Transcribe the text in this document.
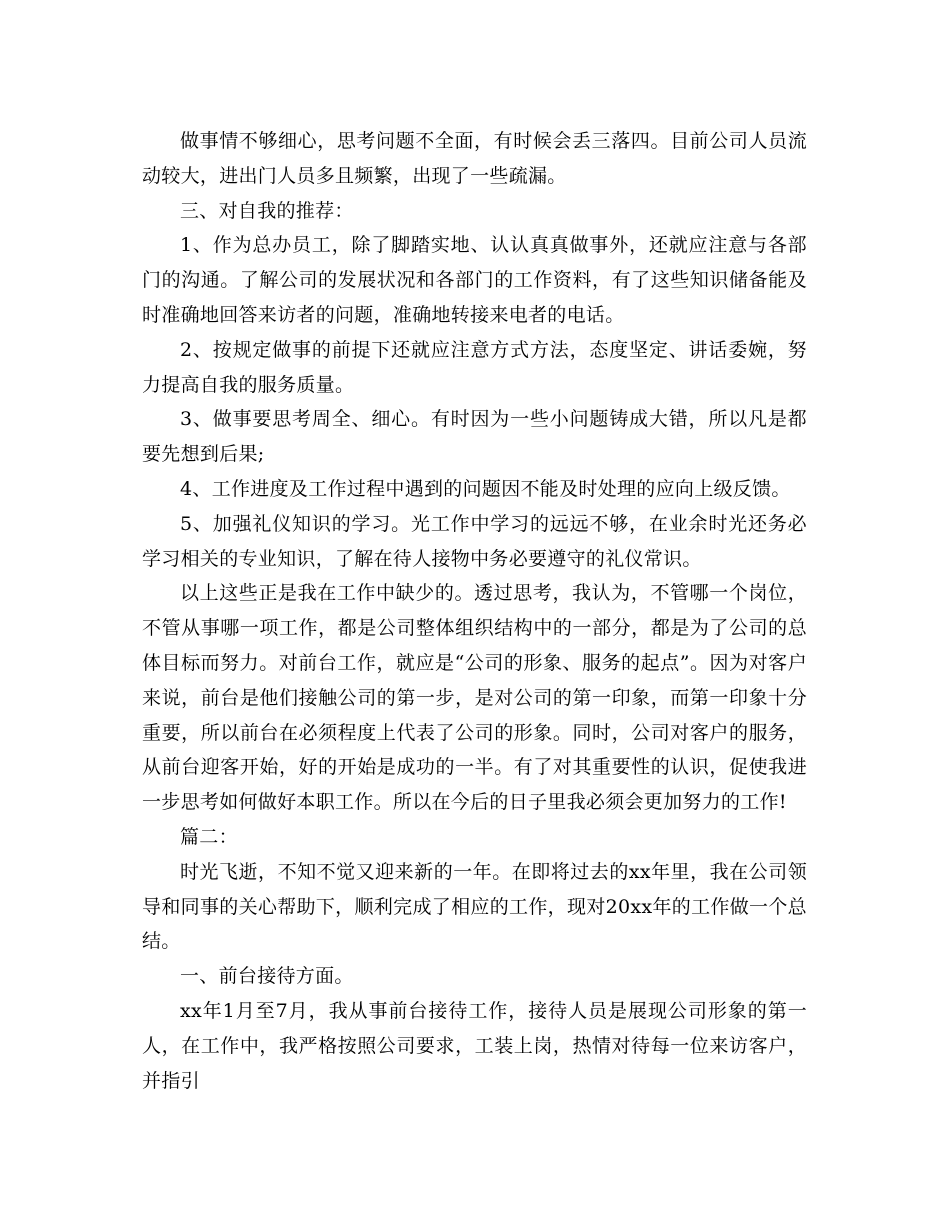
做事情不够细心，思考问题不全面，有时候会丢三落四。目前公司人员流动较大，进出门人员多且频繁，出现了一些疏漏。

三、对自我的推荐：

1、作为总办员工，除了脚踏实地、认认真真做事外，还就应注意与各部门的沟通。了解公司的发展状况和各部门的工作资料，有了这些知识储备能及时准确地回答来访者的问题，准确地转接来电者的电话。

2、按规定做事的前提下还就应注意方式方法，态度坚定、讲话委婉，努力提高自我的服务质量。

3、做事要思考周全、细心。有时因为一些小问题铸成大错，所以凡是都要先想到后果;

4、工作进度及工作过程中遇到的问题因不能及时处理的应向上级反馈。

5、加强礼仪知识的学习。光工作中学习的远远不够，在业余时光还务必学习相关的专业知识，了解在待人接物中务必要遵守的礼仪常识。

以上这些正是我在工作中缺少的。透过思考，我认为，不管哪一个岗位，不管从事哪一项工作，都是公司整体组织结构中的一部分，都是为了公司的总体目标而努力。对前台工作，就应是“公司的形象、服务的起点”。因为对客户来说，前台是他们接触公司的第一步，是对公司的第一印象，而第一印象十分重要，所以前台在必须程度上代表了公司的形象。同时，公司对客户的服务，从前台迎客开始，好的开始是成功的一半。有了对其重要性的认识，促使我进一步思考如何做好本职工作。所以在今后的日子里我必须会更加努力的工作!

篇二：

时光飞逝，不知不觉又迎来新的一年。在即将过去的xx年里，我在公司领导和同事的关心帮助下，顺利完成了相应的工作，现对20xx年的工作做一个总结。

一、前台接待方面。

xx年1月至7月，我从事前台接待工作，接待人员是展现公司形象的第一人，在工作中，我严格按照公司要求，工装上岗，热情对待每一位来访客户，并指引
